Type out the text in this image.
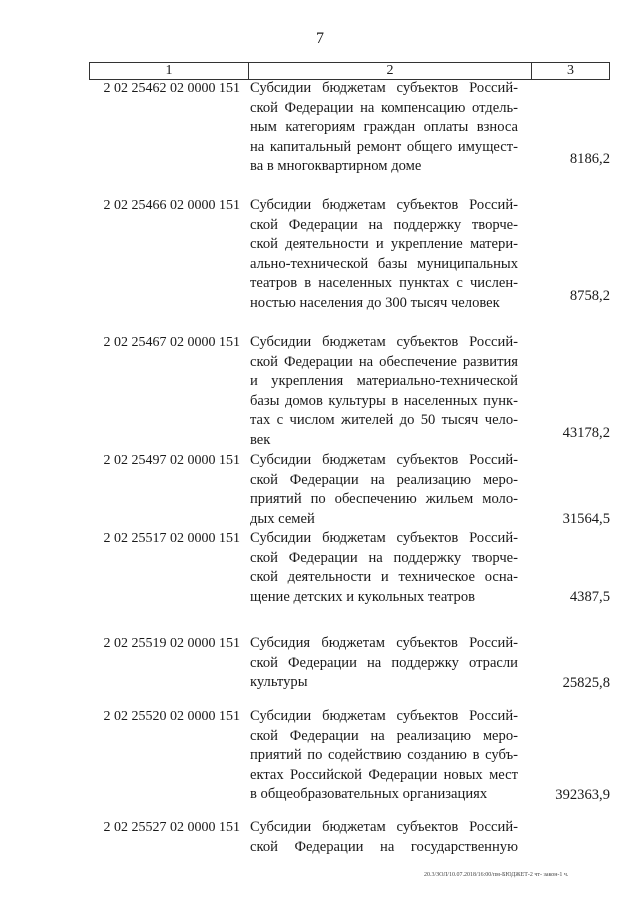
7
1	2	3
2 02 25462 02 0000 151 Субсидии бюджетам субъектов Россий-
ской Федерации на компенсацию отдель-
ным категориям граждан оплаты взноса
на капитальный ремонт общего имущест-
ва в многоквартирном доме	8186,2
2 02 25466 02 0000 151 Субсидии бюджетам субъектов Россий-
ской Федерации на поддержку творче-
ской деятельности и укрепление матери-
ально-технической базы муниципальных
театров в населенных пунктах с числен-
ностью населения до 300 тысяч человек	8758,2
2 02 25467 02 0000 151 Субсидии бюджетам субъектов Россий-
ской Федерации на обеспечение развития
и укрепления материально-технической
базы домов культуры в населенных пунк-
тах с числом жителей до 50 тысяч чело-
век	43178,2
2 02 25497 02 0000 151 Субсидии бюджетам субъектов Россий-
ской Федерации на реализацию меро-
приятий по обеспечению жильем моло-
дых семей	31564,5
2 02 25517 02 0000 151 Субсидии бюджетам субъектов Россий-
ской Федерации на поддержку творче-
ской деятельности и техническое осна-
щение детских и кукольных театров	4387,5
2 02 25519 02 0000 151 Субсидия бюджетам субъектов Россий-
ской Федерации на поддержку отрасли
культуры	25825,8
2 02 25520 02 0000 151 Субсидии бюджетам субъектов Россий-
ской Федерации на реализацию меро-
приятий по содействию созданию в субъ-
ектах Российской Федерации новых мест
в общеобразовательных организациях	392363,9
2 02 25527 02 0000 151 Субсидии бюджетам субъектов Россий-
ской Федерации на государственную
20.3/ЗОЛ/10.07.2018/16:00/пм-БЮДЖЕТ-2 чт- закон-1 ч.
